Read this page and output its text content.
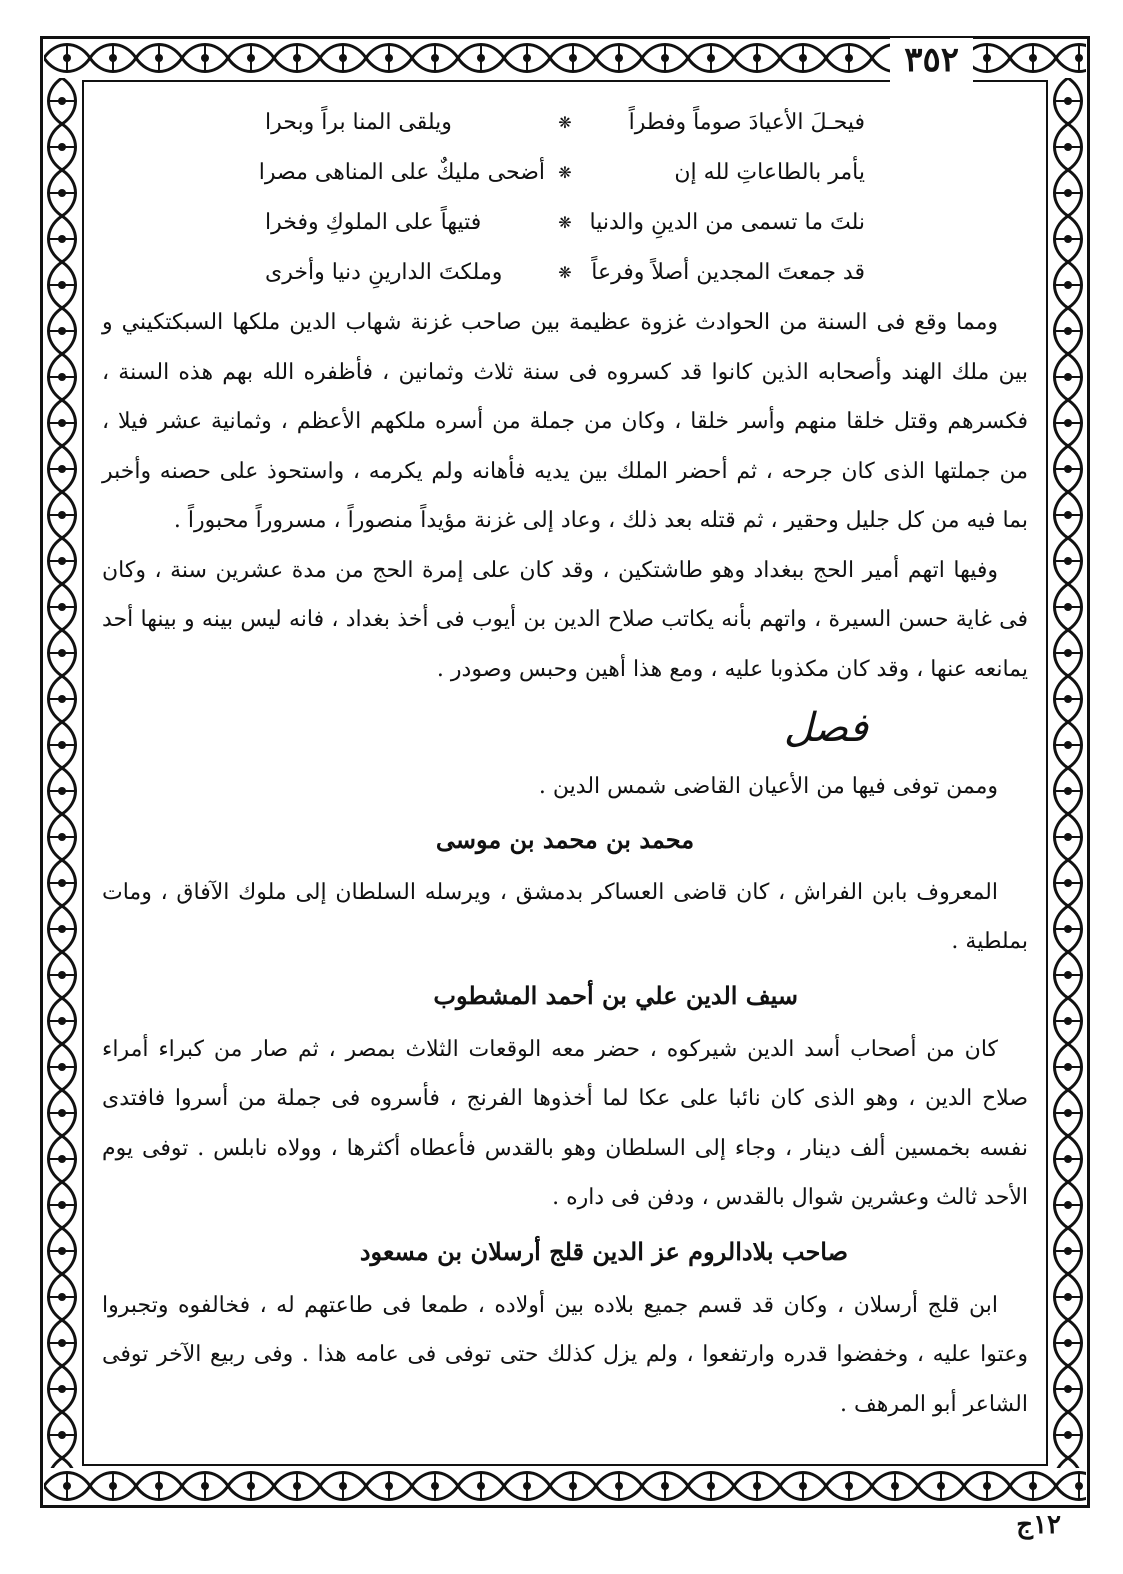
٣٥٢
فيحـلَ الأعيادَ صوماً وفطراً
❋
ويلقى المنا براً وبحرا
يأمر بالطاعاتِ لله إن
❋
أضحى مليكٌ على المناهى مصرا
نلتَ ما تسمى من الدينِ والدنيا
❋
فتيهاً على الملوكِ وفخرا
قد جمعتَ المجدين أصلاً وفرعاً
❋
وملكتَ الدارينِ دنيا وأخرى

ومما وقع فى السنة من الحوادث غزوة عظيمة بين صاحب غزنة شهاب الدين ملكها السبكتكيني و بين ملك الهند وأصحابه الذين كانوا قد كسروه فى سنة ثلاث وثمانين ، فأظفره الله بهم هذه السنة ، فكسرهم وقتل خلقا منهم وأسر خلقا ، وكان من جملة من أسره ملكهم الأعظم ، وثمانية عشر فيلا ، من جملتها الذى كان جرحه ، ثم أحضر الملك بين يديه فأهانه ولم يكرمه ، واستحوذ على حصنه وأخبر بما فيه من كل جليل وحقير ، ثم قتله بعد ذلك ، وعاد إلى غزنة مؤيداً منصوراً ، مسروراً محبوراً .

وفيها اتهم أمير الحج ببغداد وهو طاشتكين ، وقد كان على إمرة الحج من مدة عشرين سنة ، وكان فى غاية حسن السيرة ، واتهم بأنه يكاتب صلاح الدين بن أيوب فى أخذ بغداد ، فانه ليس بينه و بينها أحد يمانعه عنها ، وقد كان مكذوبا عليه ، ومع هذا أهين وحبس وصودر .

فصل

وممن توفى فيها من الأعيان القاضى شمس الدين .

محمد بن محمد بن موسى

المعروف بابن الفراش ، كان قاضى العساكر بدمشق ، ويرسله السلطان إلى ملوك الآفاق ، ومات بملطية .

سيف الدين علي بن أحمد المشطوب

كان من أصحاب أسد الدين شيركوه ، حضر معه الوقعات الثلاث بمصر ، ثم صار من كبراء أمراء صلاح الدين ، وهو الذى كان نائبا على عكا لما أخذوها الفرنج ، فأسروه فى جملة من أسروا فافتدى نفسه بخمسين ألف دينار ، وجاء إلى السلطان وهو بالقدس فأعطاه أكثرها ، وولاه نابلس . توفى يوم الأحد ثالث وعشرين شوال بالقدس ، ودفن فى داره .

صاحب بلادالروم عز الدين قلج أرسلان بن مسعود

ابن قلج أرسلان ، وكان قد قسم جميع بلاده بين أولاده ، طمعا فى طاعتهم له ، فخالفوه وتجبروا وعتوا عليه ، وخفضوا قدره وارتفعوا ، ولم يزل كذلك حتى توفى فى عامه هذا . وفى ربيع الآخر توفى الشاعر أبو المرهف .

١٢ج
